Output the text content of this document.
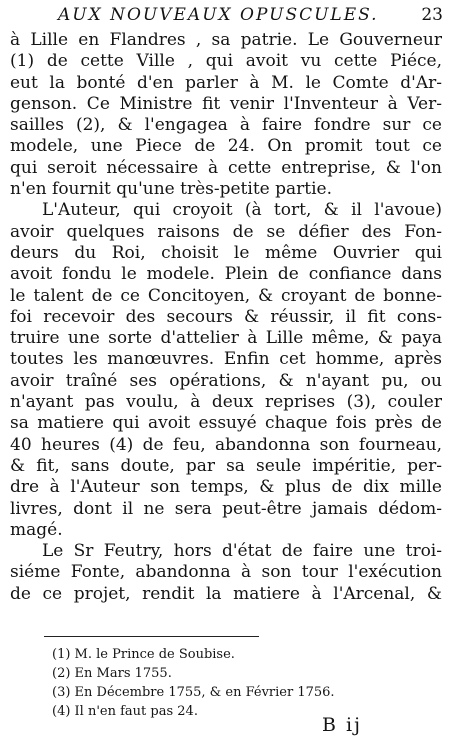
AUX NOUVEAUX OPUSCULES.	23
à Lille en Flandres , sa patrie. Le Gouverneur
(1) de cette Ville , qui avoit vu cette Piéce,
eut la bonté d'en parler à M. le Comte d'Ar-
genson. Ce Ministre fit venir l'Inventeur à Ver-
sailles (2), & l'engagea à faire fondre sur ce
modele, une Piece de 24. On promit tout ce
qui seroit nécessaire à cette entreprise, & l'on
n'en fournit qu'une très-petite partie.
L'Auteur, qui croyoit (à tort, & il l'avoue)
avoir quelques raisons de se défier des Fon-
deurs du Roi, choisit le même Ouvrier qui
avoit fondu le modele. Plein de confiance dans
le talent de ce Concitoyen, & croyant de bonne-
foi recevoir des secours & réussir, il fit cons-
truire une sorte d'attelier à Lille même, & paya
toutes les manœuvres. Enfin cet homme, après
avoir traîné ses opérations, & n'ayant pu, ou
n'ayant pas voulu, à deux reprises (3), couler
sa matiere qui avoit essuyé chaque fois près de
40 heures (4) de feu, abandonna son fourneau,
& fit, sans doute, par sa seule impéritie, per-
dre à l'Auteur son temps, & plus de dix mille
livres, dont il ne sera peut-être jamais dédom-
magé.
Le Sr Feutry, hors d'état de faire une troi-
siéme Fonte, abandonna à son tour l'exécution
de ce projet, rendit la matiere à l'Arcenal, &
(1) M. le Prince de Soubise.
(2) En Mars 1755.
(3) En Décembre 1755, & en Février 1756.
(4) Il n'en faut pas 24.
B ij
